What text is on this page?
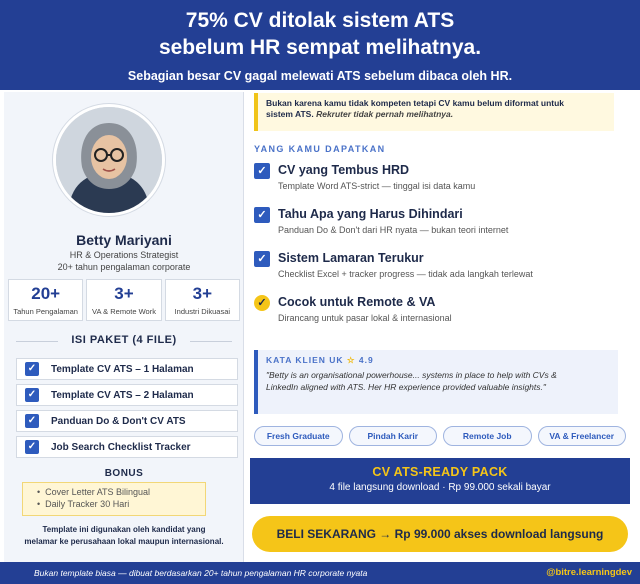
75% CV ditolak sistem ATS
sebelum HR sempat melihatnya.
Sebagian besar CV gagal melewati ATS sebelum dibaca oleh HR.
Betty Mariyani
HR & Operations Strategist
20+ tahun pengalaman corporate
20+
Tahun Pengalaman
3+
VA & Remote Work
3+
Industri Dikuasai
ISI PAKET (4 FILE)
✓ Template CV ATS – 1 Halaman
✓ Template CV ATS – 2 Halaman
✓ Panduan Do & Don't CV ATS
✓ Job Search Checklist Tracker
BONUS
• Cover Letter ATS Bilingual
• Daily Tracker 30 Hari
Template ini digunakan oleh kandidat yang
melamar ke perusahaan lokal maupun internasional.
Bukan karena kamu tidak kompeten tetapi CV kamu belum diformat untuk
sistem ATS. Rekruter tidak pernah melihatnya.
YANG KAMU DAPATKAN
✓ CV yang Tembus HRD
Template Word ATS-strict — tinggal isi data kamu
✓ Tahu Apa yang Harus Dihindari
Panduan Do & Don't dari HR nyata — bukan teori internet
✓ Sistem Lamaran Terukur
Checklist Excel + tracker progress — tidak ada langkah terlewat
✓ Cocok untuk Remote & VA
Dirancang untuk pasar lokal & internasional
KATA KLIEN UK ☆ 4.9
"Betty is an organisational powerhouse... systems in place to help with CVs &
LinkedIn aligned with ATS. Her HR experience provided valuable insights."
Fresh Graduate	Pindah Karir	Remote Job	VA & Freelancer
CV ATS-READY PACK
4 file langsung download · Rp 99.000 sekali bayar
BELI SEKARANG → Rp 99.000 akses download langsung
Bukan template biasa — dibuat berdasarkan 20+ tahun pengalaman HR corporate nyata	@bitre.learningdev
